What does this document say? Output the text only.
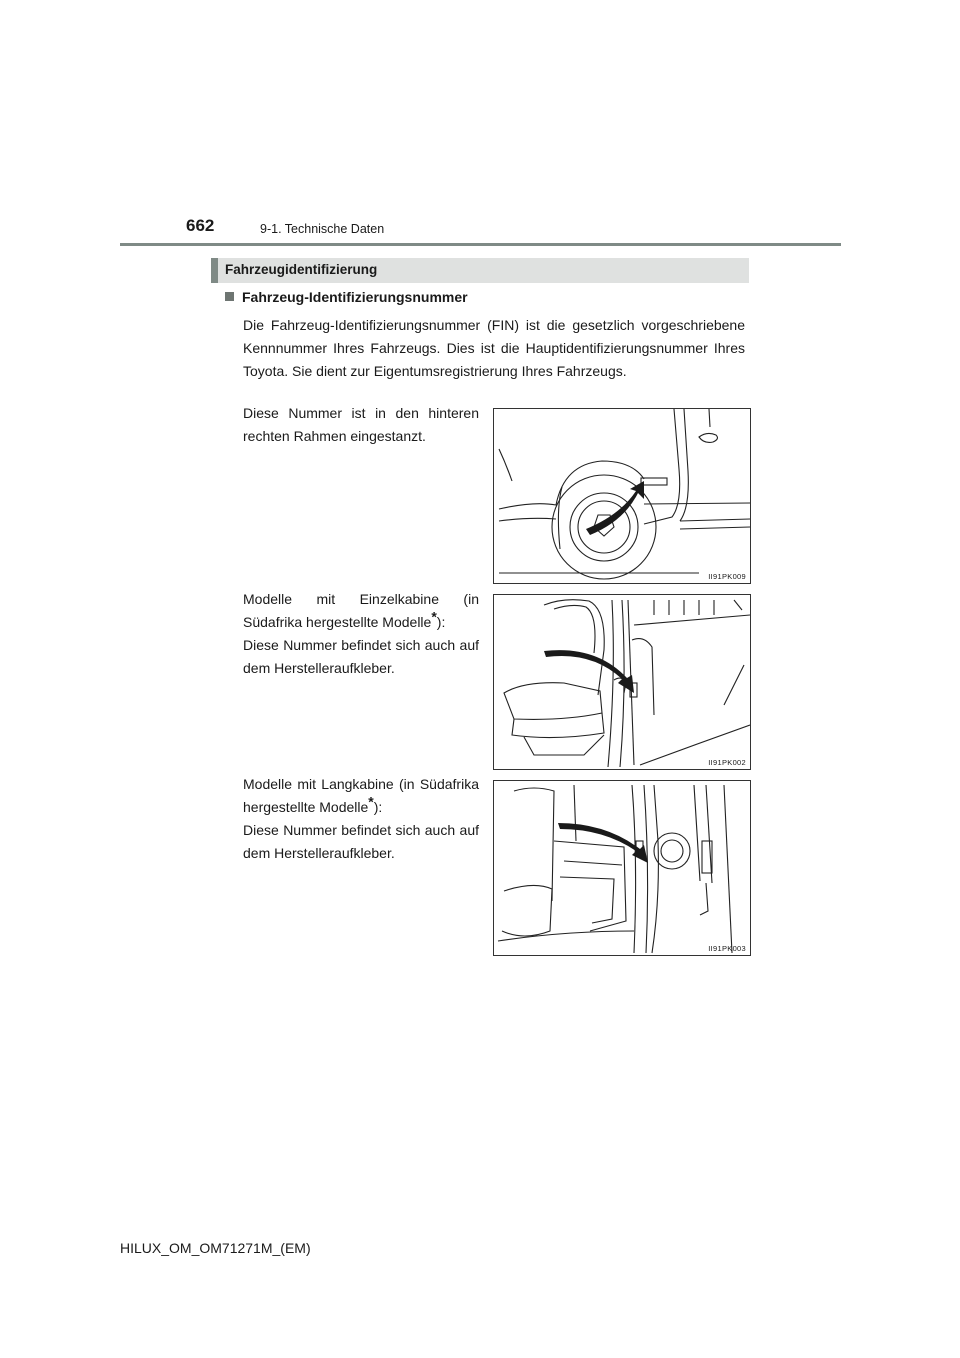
662	9-1. Technische Daten
Fahrzeugidentifizierung
Fahrzeug-Identifizierungsnummer

Die Fahrzeug-Identifizierungsnummer (FIN) ist die gesetzlich vorgeschriebene Kennnummer Ihres Fahrzeugs. Dies ist die Hauptidentifizierungsnummer Ihres Toyota. Sie dient zur Eigentumsregistrierung Ihres Fahrzeugs.

Diese Nummer ist in den hinteren rechten Rahmen eingestanzt.

II91PK009

Modelle mit Einzelkabine (in Südafrika hergestellte Modelle*):

Diese Nummer befindet sich auch auf dem Herstelleraufkleber.

II91PK002

Modelle mit Langkabine (in Südafrika hergestellte Modelle*):

Diese Nummer befindet sich auch auf dem Herstelleraufkleber.

II91PK003
HILUX_OM_OM71271M_(EM)
